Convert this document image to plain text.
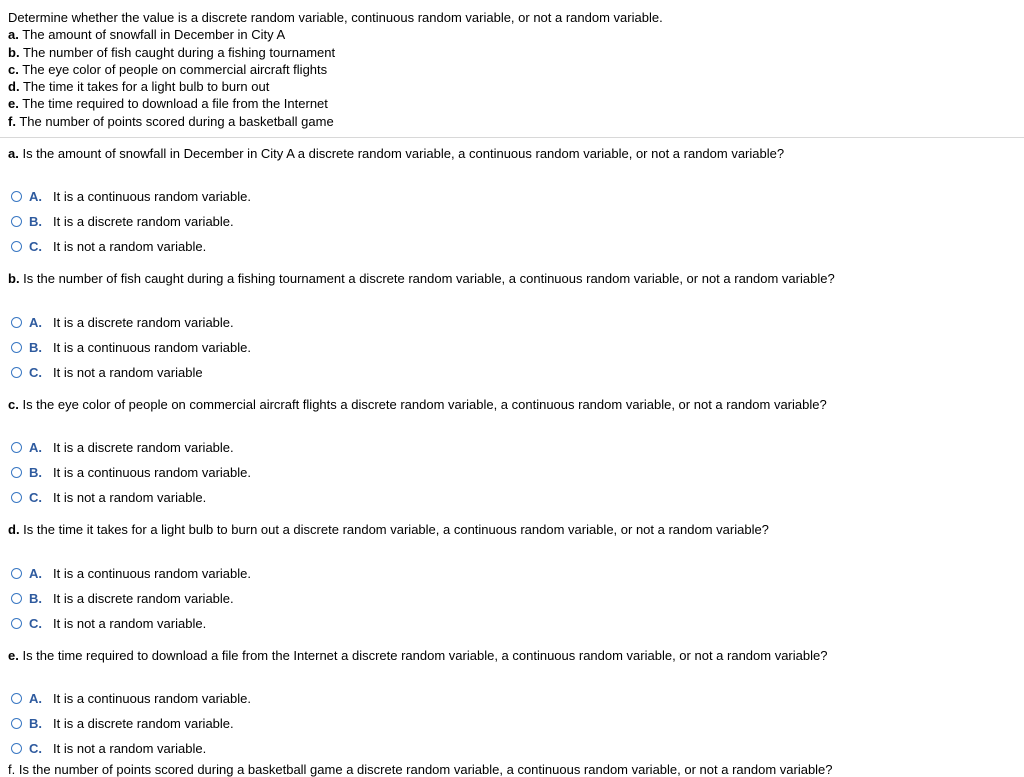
Determine whether the value is a discrete random variable, continuous random variable, or not a random variable.
a. The amount of snowfall in December in City A
b. The number of fish caught during a fishing tournament
c. The eye color of people on commercial aircraft flights
d. The time it takes for a light bulb to burn out
e. The time required to download a file from the Internet
f. The number of points scored during a basketball game
a. Is the amount of snowfall in December in City A a discrete random variable, a continuous random variable, or not a random variable?
A. It is a continuous random variable.
B. It is a discrete random variable.
C. It is not a random variable.
b. Is the number of fish caught during a fishing tournament a discrete random variable, a continuous random variable, or not a random variable?
A. It is a discrete random variable.
B. It is a continuous random variable.
C. It is not a random variable
c. Is the eye color of people on commercial aircraft flights a discrete random variable, a continuous random variable, or not a random variable?
A. It is a discrete random variable.
B. It is a continuous random variable.
C. It is not a random variable.
d. Is the time it takes for a light bulb to burn out a discrete random variable, a continuous random variable, or not a random variable?
A. It is a continuous random variable.
B. It is a discrete random variable.
C. It is not a random variable.
e. Is the time required to download a file from the Internet a discrete random variable, a continuous random variable, or not a random variable?
A. It is a continuous random variable.
B. It is a discrete random variable.
C. It is not a random variable.
f. Is the number of points scored during a basketball game a discrete random variable, a continuous random variable, or not a random variable?
